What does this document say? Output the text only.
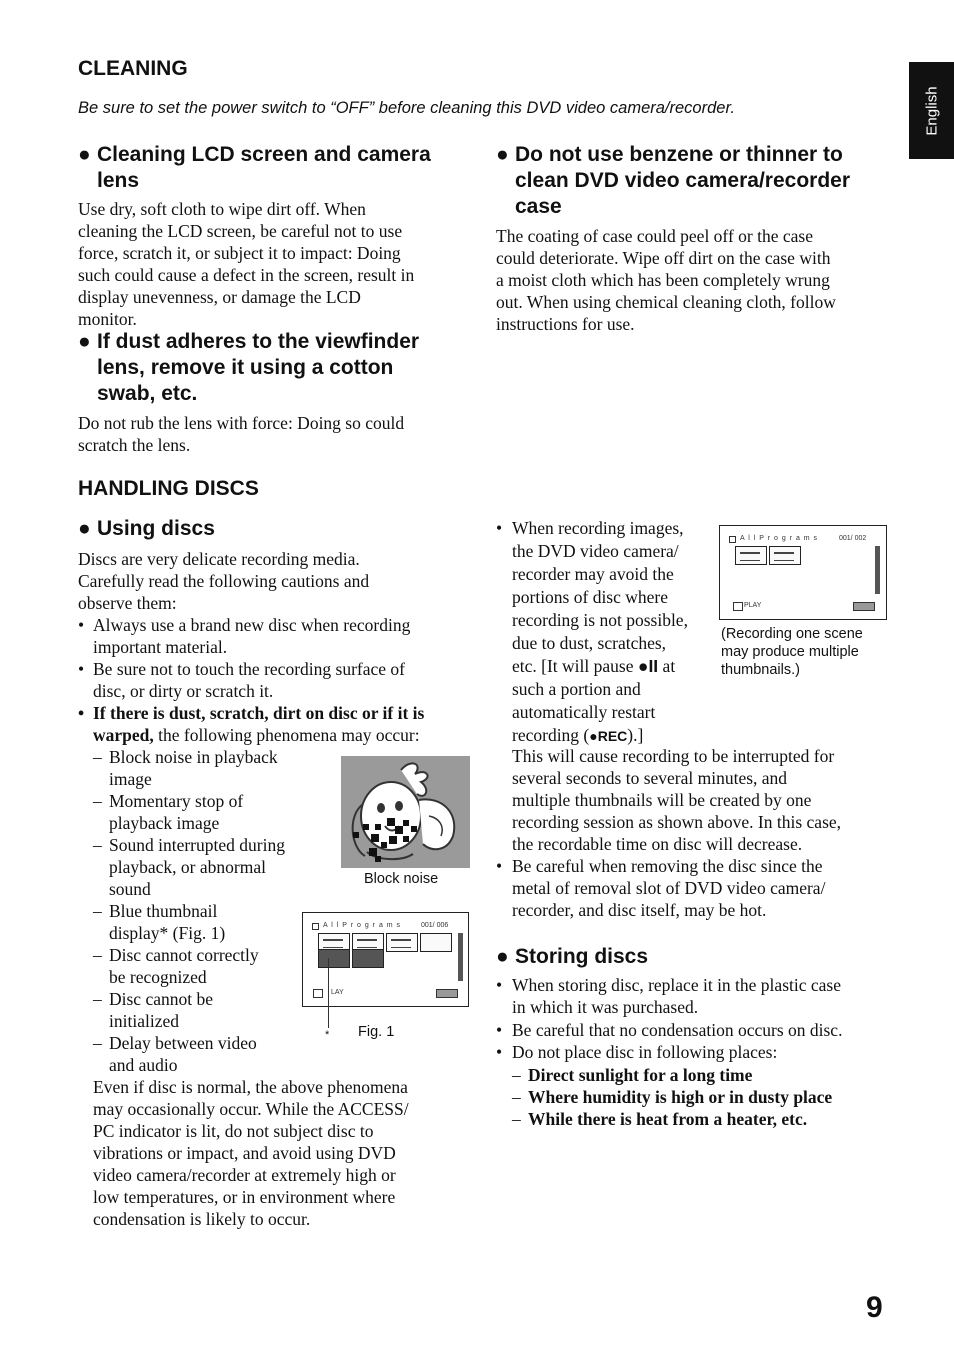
English
CLEANING
Be sure to set the power switch to “OFF” before cleaning this DVD video camera/recorder.
● Cleaning LCD screen and camera
lens
Use dry, soft cloth to wipe dirt off. When
cleaning the LCD screen, be careful not to use
force, scratch it, or subject it to impact: Doing
such could cause a defect in the screen, result in
display unevenness, or damage the LCD
monitor.
● If dust adheres to the viewfinder
lens, remove it using a cotton
swab, etc.
Do not rub the lens with force: Doing so could
scratch the lens.
● Do not use benzene or thinner to
clean DVD video camera/recorder
case
The coating of case could peel off or the case
could deteriorate. Wipe off dirt on the case with
a moist cloth which has been completely wrung
out. When using chemical cleaning cloth, follow
instructions for use.
HANDLING DISCS
● Using discs
Discs are very delicate recording media.
Carefully read the following cautions and
observe them:
• Always use a brand new disc when recording
important material.
• Be sure not to touch the recording surface of
disc, or dirty or scratch it.
• If there is dust, scratch, dirt on disc or if it is
warped, the following phenomena may occur:
– Block noise in playback
image
– Momentary stop of
playback image
– Sound interrupted during
playback, or abnormal
sound
– Blue thumbnail
display* (Fig. 1)
– Disc cannot correctly
be recognized
– Disc cannot be
initialized
– Delay between video
and audio
Even if disc is normal, the above phenomena
may occasionally occur. While the ACCESS/
PC indicator is lit, do not subject disc to
vibrations or impact, and avoid using DVD
video camera/recorder at extremely high or
low temperatures, or in environment where
condensation is likely to occur.
Block noise
A l l P r o g r a m s	001/ 006
LAY
* Fig. 1
• When recording images,
the DVD video camera/
recorder may avoid the
portions of disc where
recording is not possible,
due to dust, scratches,
etc. [It will pause ●II at
such a portion and
automatically restart
recording (●REC).]
A l l P r o g r a m s	001/ 002
PLAY
(Recording one scene
may produce multiple
thumbnails.)
This will cause recording to be interrupted for
several seconds to several minutes, and
multiple thumbnails will be created by one
recording session as shown above. In this case,
the recordable time on disc will decrease.
• Be careful when removing the disc since the
metal of removal slot of DVD video camera/
recorder, and disc itself, may be hot.
● Storing discs
• When storing disc, replace it in the plastic case
in which it was purchased.
• Be careful that no condensation occurs on disc.
• Do not place disc in following places:
– Direct sunlight for a long time
– Where humidity is high or in dusty place
– While there is heat from a heater, etc.
9
